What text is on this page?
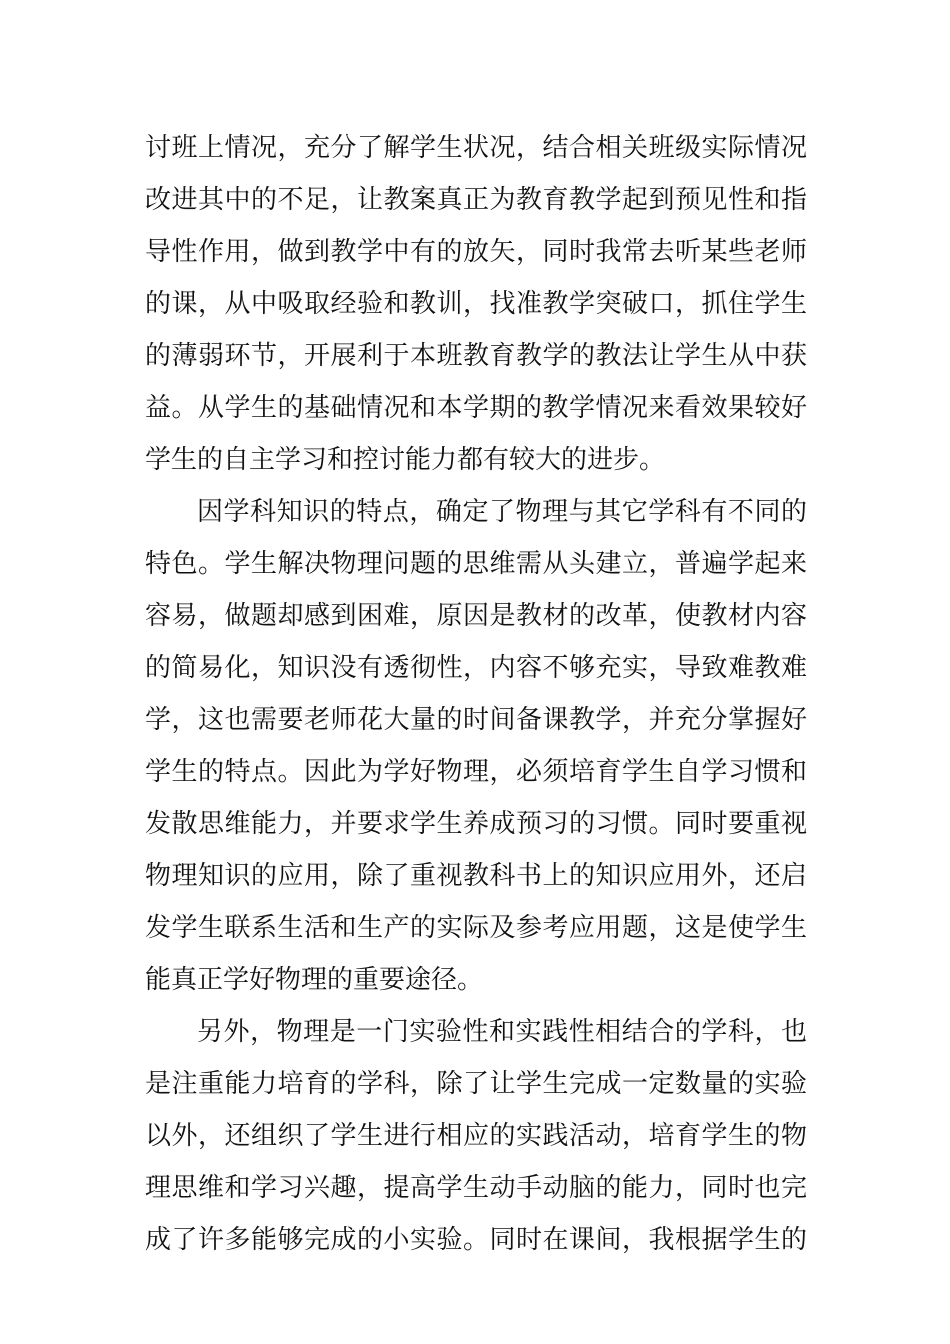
讨班上情况，充分了解学生状况，结合相关班级实际情况
改进其中的不足，让教案真正为教育教学起到预见性和指
导性作用，做到教学中有的放矢，同时我常去听某些老师
的课，从中吸取经验和教训，找准教学突破口，抓住学生
的薄弱环节，开展利于本班教育教学的教法让学生从中获
益。从学生的基础情况和本学期的教学情况来看效果较好
学生的自主学习和控讨能力都有较大的进步。
因学科知识的特点，确定了物理与其它学科有不同的
特色。学生解决物理问题的思维需从头建立，普遍学起来
容易，做题却感到困难，原因是教材的改革，使教材内容
的简易化，知识没有透彻性，内容不够充实，导致难教难
学，这也需要老师花大量的时间备课教学，并充分掌握好
学生的特点。因此为学好物理，必须培育学生自学习惯和
发散思维能力，并要求学生养成预习的习惯。同时要重视
物理知识的应用，除了重视教科书上的知识应用外，还启
发学生联系生活和生产的实际及参考应用题，这是使学生
能真正学好物理的重要途径。
另外，物理是一门实验性和实践性相结合的学科，也
是注重能力培育的学科，除了让学生完成一定数量的实验
以外，还组织了学生进行相应的实践活动，培育学生的物
理思维和学习兴趣，提高学生动手动脑的能力，同时也完
成了许多能够完成的小实验。同时在课间，我根据学生的
